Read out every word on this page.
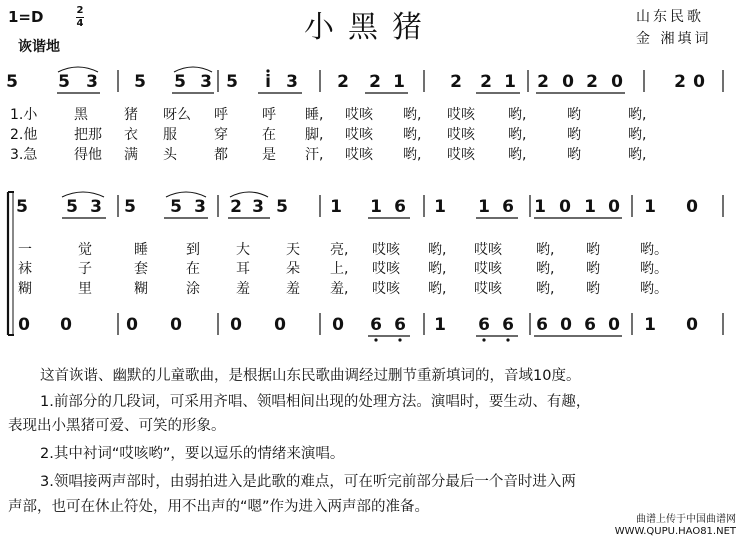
小黑猪
1=D	2
4
诙谐地
山东民歌
金 湘填词
5 5 3 5 5 3 5 i 3 2 2 1	2 2 1 2 0 2 0	2 0
1.小	黑	猪 呀么 呼 呼 睡, 哎咳 哟, 哎咳 哟,	哟	哟,
2.他	把那 衣 服	穿 在 脚, 哎咳 哟, 哎咳 哟,	哟	哟,
3.急	得他 满 头	都 是 汗, 哎咳 哟, 哎咳 哟,	哟	哟,
5 5 3 5 5 3 2 3 5 1 1 6 1 1 6 1 0 1 0 1 0
一	觉	睡	到	大	天 亮, 哎咳 哟, 哎咳 哟, 哟	哟。
袜	子	套	在	耳	朵 上, 哎咳 哟, 哎咳 哟, 哟	哟。
糊	里	糊	涂	羞	羞 羞, 哎咳 哟, 哎咳 哟, 哟	哟。
0 0	0 0	0 0	0 6 6 1 6 6 6 0 6 0 1 0
这首诙谐、幽默的儿童歌曲，是根据山东民歌曲调经过删节重新填词的，音域10度。
1.前部分的几段词，可采用齐唱、领唱相间出现的处理方法。演唱时，要生动、有趣，
表现出小黑猪可爱、可笑的形象。
2.其中衬词“哎咳哟”，要以逗乐的情绪来演唱。
3.领唱接两声部时，由弱拍进入是此歌的难点，可在听完前部分最后一个音时进入两
声部，也可在休止符处，用不出声的“嗯”作为进入两声部的准备。
曲谱上传于中国曲谱网
WWW.QUPU.HAO81.NET
